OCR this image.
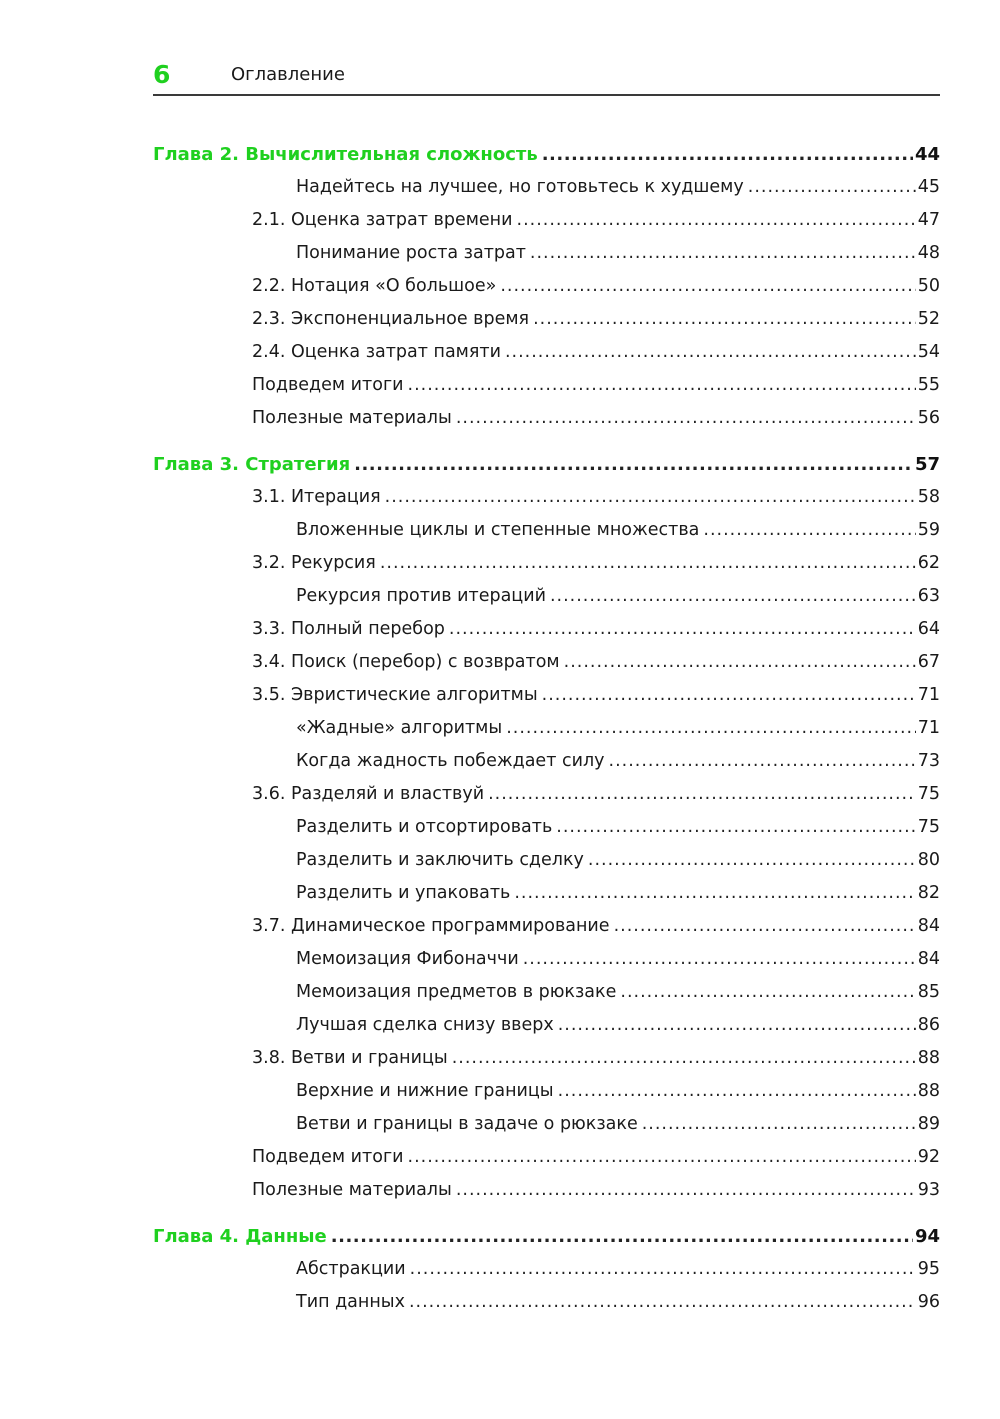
6	Оглавление
Глава 2. Вычислительная сложность .....	44
Надейтесь на лучшее, но готовьтесь к худшему .....	45
2.1. Оценка затрат времени .....	47
Понимание роста затрат .....	48
2.2. Нотация «О большое» .....	50
2.3. Экспоненциальное время .....	52
2.4. Оценка затрат памяти .....	54
Подведем итоги .....	55
Полезные материалы .....	56
Глава 3. Стратегия .....	57
3.1. Итерация .....	58
Вложенные циклы и степенные множества .....	59
3.2. Рекурсия .....	62
Рекурсия против итераций .....	63
3.3. Полный перебор .....	64
3.4. Поиск (перебор) с возвратом .....	67
3.5. Эвристические алгоритмы .....	71
«Жадные» алгоритмы .....	71
Когда жадность побеждает силу .....	73
3.6. Разделяй и властвуй .....	75
Разделить и отсортировать .....	75
Разделить и заключить сделку .....	80
Разделить и упаковать .....	82
3.7. Динамическое программирование .....	84
Мемоизация Фибоначчи .....	84
Мемоизация предметов в рюкзаке .....	85
Лучшая сделка снизу вверх .....	86
3.8. Ветви и границы .....	88
Верхние и нижние границы .....	88
Ветви и границы в задаче о рюкзаке .....	89
Подведем итоги .....	92
Полезные материалы .....	93
Глава 4. Данные .....	94
Абстракции .....	95
Тип данных .....	96
